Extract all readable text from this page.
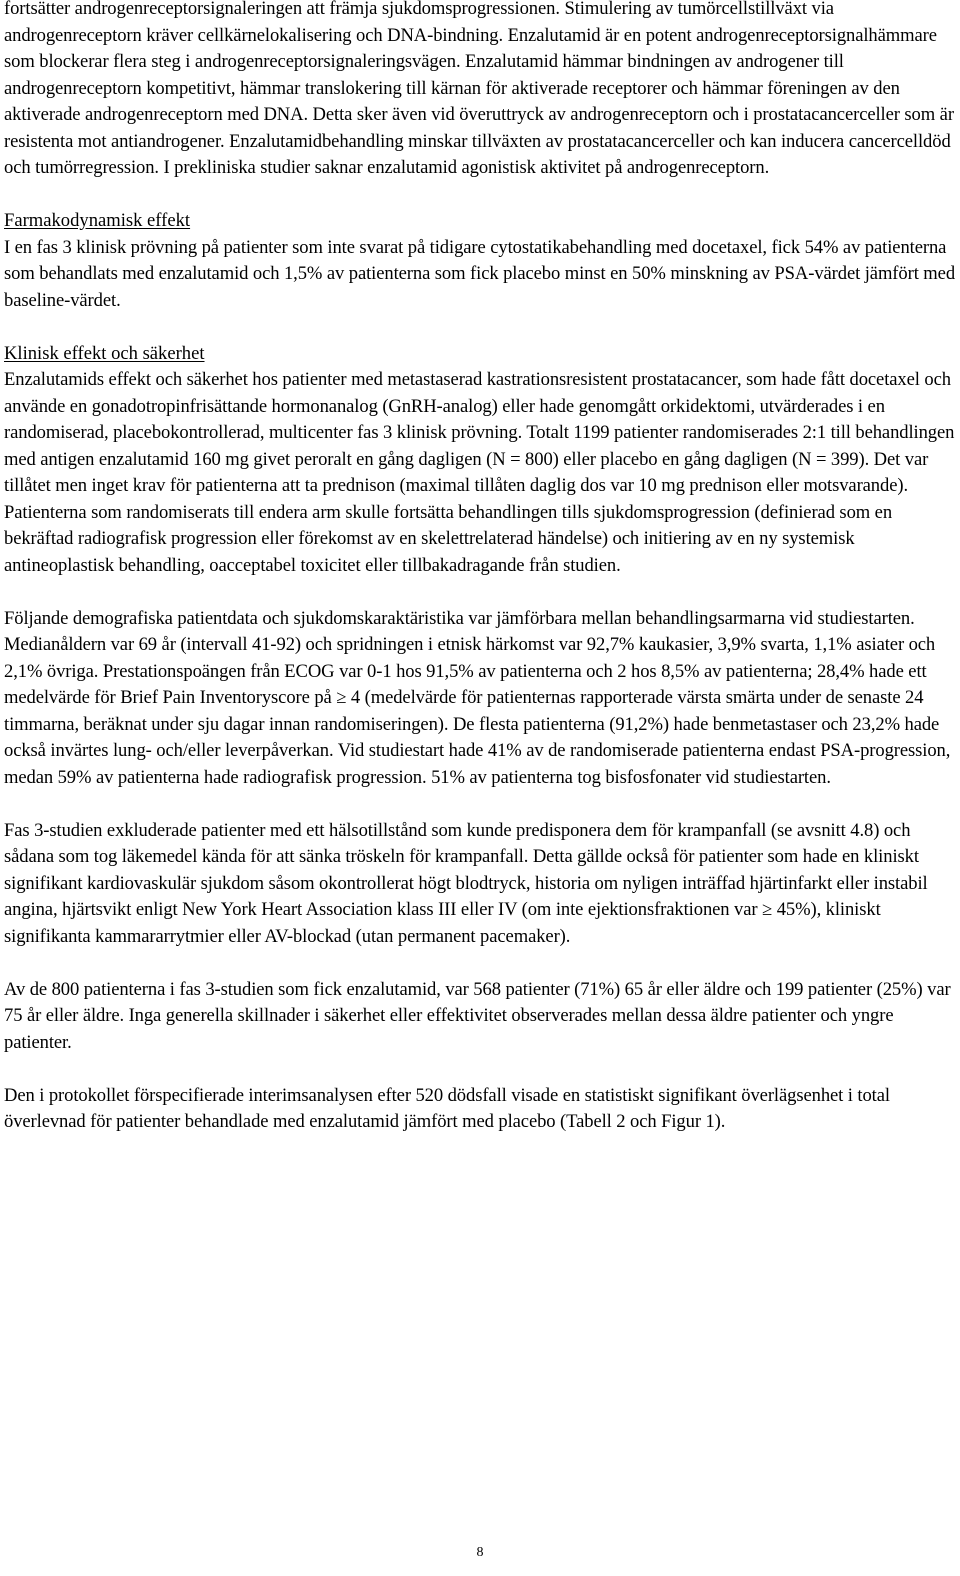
fortsätter androgenreceptorsignaleringen att främja sjukdomsprogressionen. Stimulering av tumörcellstillväxt via androgenreceptorn kräver cellkärnelokalisering och DNA-bindning. Enzalutamid är en potent androgenreceptorsignalhämmare som blockerar flera steg i androgenreceptorsignaleringsvägen. Enzalutamid hämmar bindningen av androgener till androgenreceptorn kompetitivt, hämmar translokering till kärnan för aktiverade receptorer och hämmar föreningen av den aktiverade androgenreceptorn med DNA. Detta sker även vid överuttryck av androgenreceptorn och i prostatacancerceller som är resistenta mot antiandrogener. Enzalutamidbehandling minskar tillväxten av prostatacancerceller och kan inducera cancercelldöd och tumörregression. I prekliniska studier saknar enzalutamid agonistisk aktivitet på androgenreceptorn.

Farmakodynamisk effekt

I en fas 3 klinisk prövning på patienter som inte svarat på tidigare cytostatikabehandling med docetaxel, fick 54% av patienterna som behandlats med enzalutamid och 1,5% av patienterna som fick placebo minst en 50% minskning av PSA-värdet jämfört med baseline-värdet.

Klinisk effekt och säkerhet

Enzalutamids effekt och säkerhet hos patienter med metastaserad kastrationsresistent prostatacancer, som hade fått docetaxel och använde en gonadotropinfrisättande hormonanalog (GnRH-analog) eller hade genomgått orkidektomi, utvärderades i en randomiserad, placebokontrollerad, multicenter fas 3 klinisk prövning. Totalt 1199 patienter randomiserades 2:1 till behandlingen med antigen enzalutamid 160 mg givet peroralt en gång dagligen (N = 800) eller placebo en gång dagligen (N = 399). Det var tillåtet men inget krav för patienterna att ta prednison (maximal tillåten daglig dos var 10 mg prednison eller motsvarande). Patienterna som randomiserats till endera arm skulle fortsätta behandlingen tills sjukdomsprogression (definierad som en bekräftad radiografisk progression eller förekomst av en skelettrelaterad händelse) och initiering av en ny systemisk antineoplastisk behandling, oacceptabel toxicitet eller tillbakadragande från studien.

Följande demografiska patientdata och sjukdomskaraktäristika var jämförbara mellan behandlingsarmarna vid studiestarten. Medianåldern var 69 år (intervall 41-92) och spridningen i etnisk härkomst var 92,7% kaukasier, 3,9% svarta, 1,1% asiater och 2,1% övriga. Prestationspoängen från ECOG var 0-1 hos 91,5% av patienterna och 2 hos 8,5% av patienterna; 28,4% hade ett medelvärde för Brief Pain Inventoryscore på ≥ 4 (medelvärde för patienternas rapporterade värsta smärta under de senaste 24 timmarna, beräknat under sju dagar innan randomiseringen). De flesta patienterna (91,2%) hade benmetastaser och 23,2% hade också invärtes lung- och/eller leverpåverkan. Vid studiestart hade 41% av de randomiserade patienterna endast PSA-progression, medan 59% av patienterna hade radiografisk progression. 51% av patienterna tog bisfosfonater vid studiestarten.

Fas 3-studien exkluderade patienter med ett hälsotillstånd som kunde predisponera dem för krampanfall (se avsnitt 4.8) och sådana som tog läkemedel kända för att sänka tröskeln för krampanfall. Detta gällde också för patienter som hade en kliniskt signifikant kardiovaskulär sjukdom såsom okontrollerat högt blodtryck, historia om nyligen inträffad hjärtinfarkt eller instabil angina, hjärtsvikt enligt New York Heart Association klass III eller IV (om inte ejektionsfraktionen var ≥ 45%), kliniskt signifikanta kammararrytmier eller AV-blockad (utan permanent pacemaker).

Av de 800 patienterna i fas 3-studien som fick enzalutamid, var 568 patienter (71%) 65 år eller äldre och 199 patienter (25%) var 75 år eller äldre. Inga generella skillnader i säkerhet eller effektivitet observerades mellan dessa äldre patienter och yngre patienter.

Den i protokollet förspecifierade interimsanalysen efter 520 dödsfall visade en statistiskt signifikant överlägsenhet i total överlevnad för patienter behandlade med enzalutamid jämfört med placebo (Tabell 2 och Figur 1).

8
